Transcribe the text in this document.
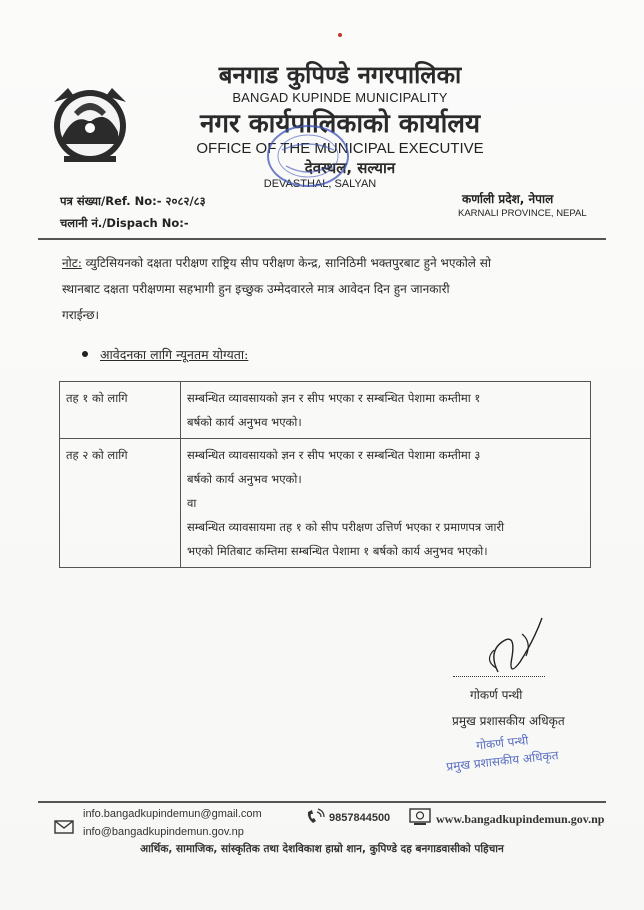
बनगाड कुपिण्डे नगरपालिका
BANGAD KUPINDE MUNICIPALITY
नगर कार्यपालिकाको कार्यालय
OFFICE OF THE MUNICIPAL EXECUTIVE
देवस्थल, सल्यान
DEVASTHAL, SALYAN
पत्र संख्या/Ref. No:- २०८२/८३
चलानी नं./Dispach No:-
कर्णाली प्रदेश, नेपाल
KARNALI PROVINCE, NEPAL
नोट: व्युटिसियनको दक्षता परीक्षण राष्ट्रिय सीप परीक्षण केन्द्र, सानिठिमी भक्तपुरबाट हुने भएकोले सो
स्थानबाट दक्षता परीक्षणमा सहभागी हुन इच्छुक उम्मेदवारले मात्र आवेदन दिन हुन जानकारी
गराईन्छ।
आवेदनका लागि न्यूनतम योग्यता:
तह १ को लागि	सम्बन्धित व्यावसायको ज्ञन र सीप भएका र सम्बन्धित पेशामा कम्तीमा १
बर्षको कार्य अनुभव भएको।

तह २ को लागि	सम्बन्धित व्यावसायको ज्ञन र सीप भएका र सम्बन्धित पेशामा कम्तीमा ३
बर्षको कार्य अनुभव भएको।
वा
सम्बन्धित व्यावसायमा तह १ को सीप परीक्षण उत्तिर्ण भएका र प्रमाणपत्र जारी
भएको मितिबाट कम्तिमा सम्बन्धित पेशामा १ बर्षको कार्य अनुभव भएको।
गोकर्ण पन्थी
प्रमुख प्रशासकीय अधिकृत
गोकर्ण पन्थी
प्रमुख प्रशासकीय अधिकृत
info.bangadkupindemun@gmail.com
info@bangadkupindemun.gov.np
9857844500	www.bangadkupindemun.gov.np
आर्थिक, सामाजिक, सांस्कृतिक तथा देशविकाश हाम्रो शान, कुपिण्डे दह बनगाडवासीको पहिचान
